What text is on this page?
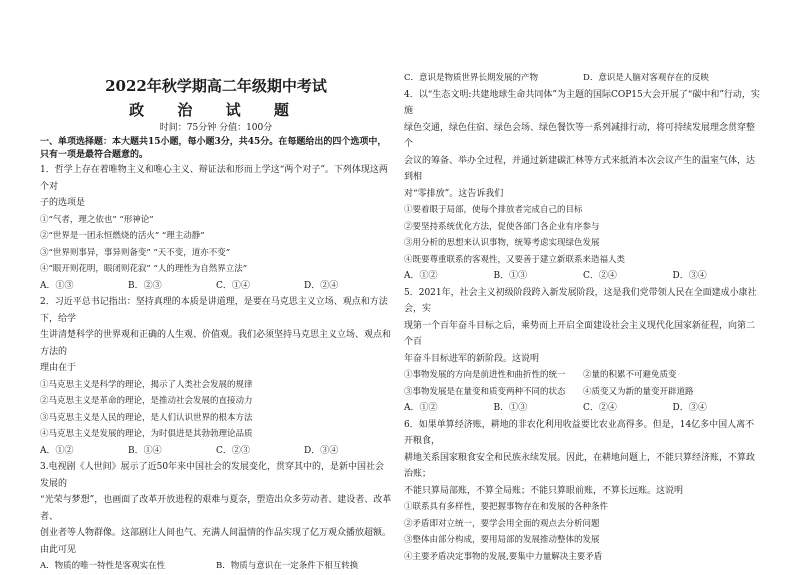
2022年秋学期高二年级期中考试
政 治 试 题
时间：75分钟 分值：100分
一、单项选择题：本大题共15小题，每小题3分，共45分。在每题给出的四个选项中，只有一项是最符合题意的。

1．哲学上存在着唯物主义和唯心主义、辩证法和形而上学这“两个对子”。下列体现这两个对

子的选项是

①“气者，理之依也” “形神论”

②“世界是一团永恒燃烧的活火” “理主动静”

③“世界则事异，事异则备变” “天不变，道亦不变”

④“眼开则花明，眼闭则花寂” “人的理性为自然界立法”

A．①③	B．②③	C．①④	D．②④

2．习近平总书记指出：坚持真理的本质是讲道理，是要在马克思主义立场、观点和方法下，给学

生讲清楚科学的世界观和正确的人生观、价值观。我们必须坚持马克思主义立场、观点和方法的

理由在于

①马克思主义是科学的理论，揭示了人类社会发展的规律

②马克思主义是革命的理论，是推动社会发展的直接动力

③马克思主义是人民的理论，是人们认识世界的根本方法

④马克思主义是发展的理论，为时俱进是其勃勃理论品质

A．①②	B．①④	C．②③	D．③④

3.电视剧《人世间》展示了近50年来中国社会的发展变化，贯穿其中的，是新中国社会发展的

“光荣与梦想”，也画面了改革开放进程的艰难与夏奈，塑造出众多劳动者、建设者、改革者、

创业者等人物群像。这部剧让人间也气、充满人间温情的作品实现了亿万观众播放超额。由此可见

A．物质的唯一特性是客观实在性	B．物质与意识在一定条件下相互转换
C．意识是物质世界长期发展的产物	D．意识是人脑对客观存在的反映

4．以“生态文明:共建地球生命共同体”为主题的国际COP15大会开展了“碳中和”行动，实施

绿色交通，绿色住宿、绿色会场、绿色餐饮等一系列减排行动，将可持续发展理念贯穿整个

会议的筹备、举办全过程，并通过新建碳汇林等方式来抵消本次会议产生的温室气体，达到相

对“零排放”。这告诉我们

①要着眼于局部，使每个排放者完成自己的目标

②要坚持系统优化方法，促使各部门各企业有序参与

③用分析的思想来认识事物，统筹考虑实现绿色发展

④既要尊重联系的客观性，又要善于建立新联系来造福人类

A．①②	B．①③	C．②④	D．③④

5．2021年，社会主义初级阶段跨入新发展阶段，这是我们党带领人民在全面建成小康社会，实

现第一个百年奋斗目标之后，乘势而上开启全面建设社会主义现代化国家新征程，向第二个百

年奋斗目标进军的新阶段。这说明

①事物发展的方向是前进性和曲折性的统一	②量的积累不可避免质变
③事物发展是在量变和质变两种不同的状态	④质变又为新的量变开辟道路
A．①②	B．①③	C．②④	D．③④

6．如果单算经济账，耕地的非农化利用收益要比农业高得多。但是，14亿多中国人离不开粮食，

耕地关系国家粮食安全和民族永续发展。因此，在耕地问题上，不能只算经济账，不算政治账；

不能只算局部账，不算全局账；不能只算眼前账，不算长远账。这说明

①联系具有多样性，要把握事物存在和发展的各种条件

②矛盾即对立统一，要学会用全面的观点去分析问题

③整体由部分构成，要用局部的发展推动整体的发展

④主要矛盾决定事物的发展,要集中力量解决主要矛盾
